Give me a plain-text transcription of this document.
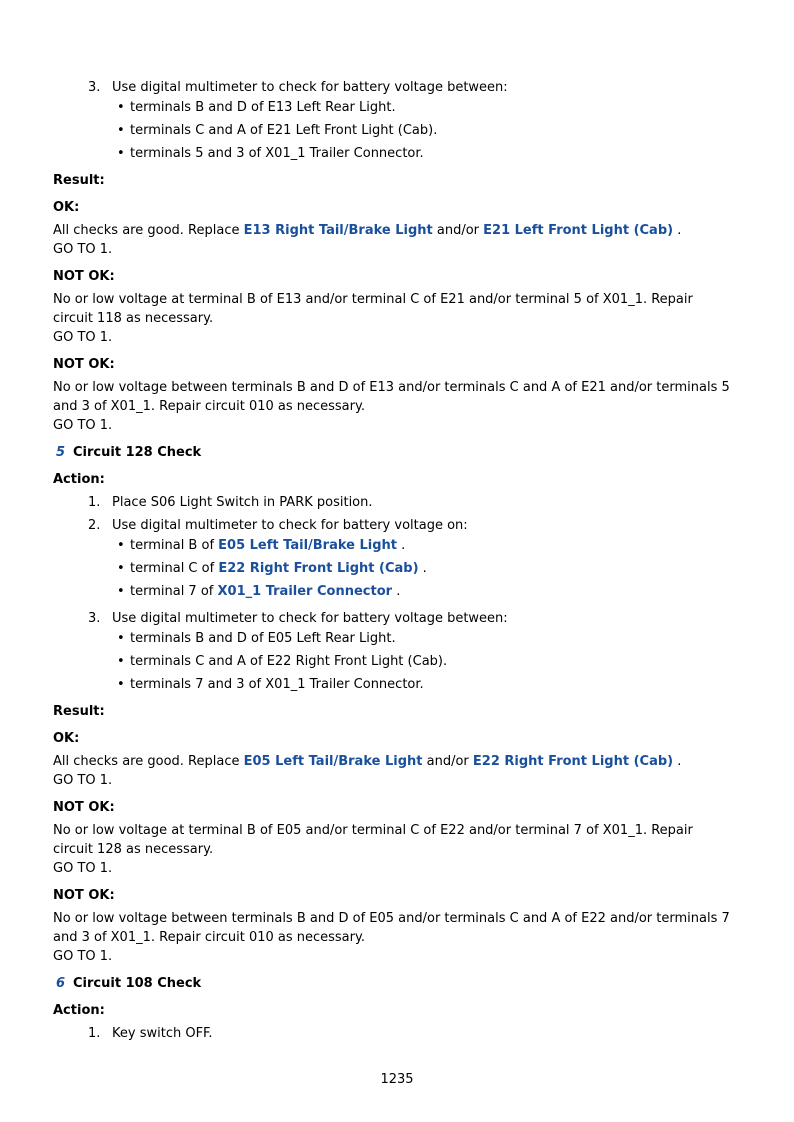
3. Use digital multimeter to check for battery voltage between:
• terminals B and D of E13 Left Rear Light.
• terminals C and A of E21 Left Front Light (Cab).
• terminals 5 and 3 of X01_1 Trailer Connector.
Result:
OK:
All checks are good. Replace E13 Right Tail/Brake Light and/or E21 Left Front Light (Cab) .
GO TO 1.
NOT OK:
No or low voltage at terminal B of E13 and/or terminal C of E21 and/or terminal 5 of X01_1. Repair circuit 118 as necessary.
GO TO 1.
NOT OK:
No or low voltage between terminals B and D of E13 and/or terminals C and A of E21 and/or terminals 5 and 3 of X01_1. Repair circuit 010 as necessary.
GO TO 1.
5 Circuit 128 Check
Action:
1. Place S06 Light Switch in PARK position.
2. Use digital multimeter to check for battery voltage on:
• terminal B of E05 Left Tail/Brake Light .
• terminal C of E22 Right Front Light (Cab) .
• terminal 7 of X01_1 Trailer Connector .
3. Use digital multimeter to check for battery voltage between:
• terminals B and D of E05 Left Rear Light.
• terminals C and A of E22 Right Front Light (Cab).
• terminals 7 and 3 of X01_1 Trailer Connector.
Result:
OK:
All checks are good. Replace E05 Left Tail/Brake Light and/or E22 Right Front Light (Cab) .
GO TO 1.
NOT OK:
No or low voltage at terminal B of E05 and/or terminal C of E22 and/or terminal 7 of X01_1. Repair circuit 128 as necessary.
GO TO 1.
NOT OK:
No or low voltage between terminals B and D of E05 and/or terminals C and A of E22 and/or terminals 7 and 3 of X01_1. Repair circuit 010 as necessary.
GO TO 1.
6 Circuit 108 Check
Action:
1. Key switch OFF.
1235
